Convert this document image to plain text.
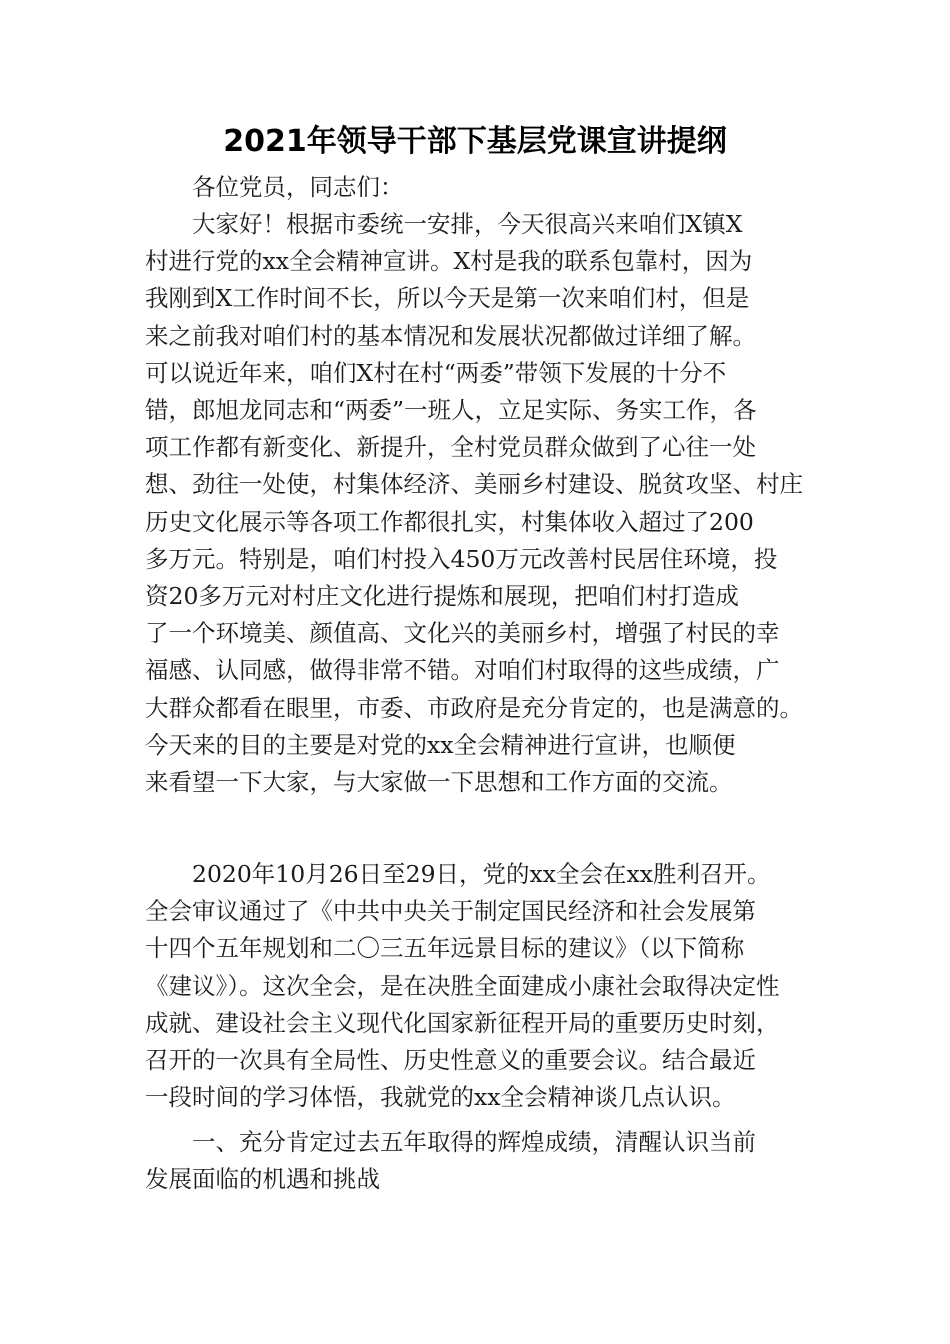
2021年领导干部下基层党课宣讲提纲

各位党员，同志们：

大家好！根据市委统一安排，今天很高兴来咱们X镇X
村进行党的xx全会精神宣讲。X村是我的联系包靠村，因为
我刚到X工作时间不长，所以今天是第一次来咱们村，但是
来之前我对咱们村的基本情况和发展状况都做过详细了解。
可以说近年来，咱们X村在村“两委”带领下发展的十分不
错，郎旭龙同志和“两委”一班人，立足实际、务实工作，各
项工作都有新变化、新提升，全村党员群众做到了心往一处
想、劲往一处使，村集体经济、美丽乡村建设、脱贫攻坚、村庄
历史文化展示等各项工作都很扎实，村集体收入超过了200
多万元。特别是，咱们村投入450万元改善村民居住环境，投
资20多万元对村庄文化进行提炼和展现，把咱们村打造成
了一个环境美、颜值高、文化兴的美丽乡村，增强了村民的幸
福感、认同感，做得非常不错。对咱们村取得的这些成绩，广
大群众都看在眼里，市委、市政府是充分肯定的，也是满意的。
今天来的目的主要是对党的xx全会精神进行宣讲，也顺便
来看望一下大家，与大家做一下思想和工作方面的交流。

2020年10月26日至29日，党的xx全会在xx胜利召开。
全会审议通过了《中共中央关于制定国民经济和社会发展第
十四个五年规划和二〇三五年远景目标的建议》（以下简称
《建议》）。这次全会，是在决胜全面建成小康社会取得决定性
成就、建设社会主义现代化国家新征程开局的重要历史时刻，
召开的一次具有全局性、历史性意义的重要会议。结合最近
一段时间的学习体悟，我就党的xx全会精神谈几点认识。

一、充分肯定过去五年取得的辉煌成绩，清醒认识当前
发展面临的机遇和挑战
